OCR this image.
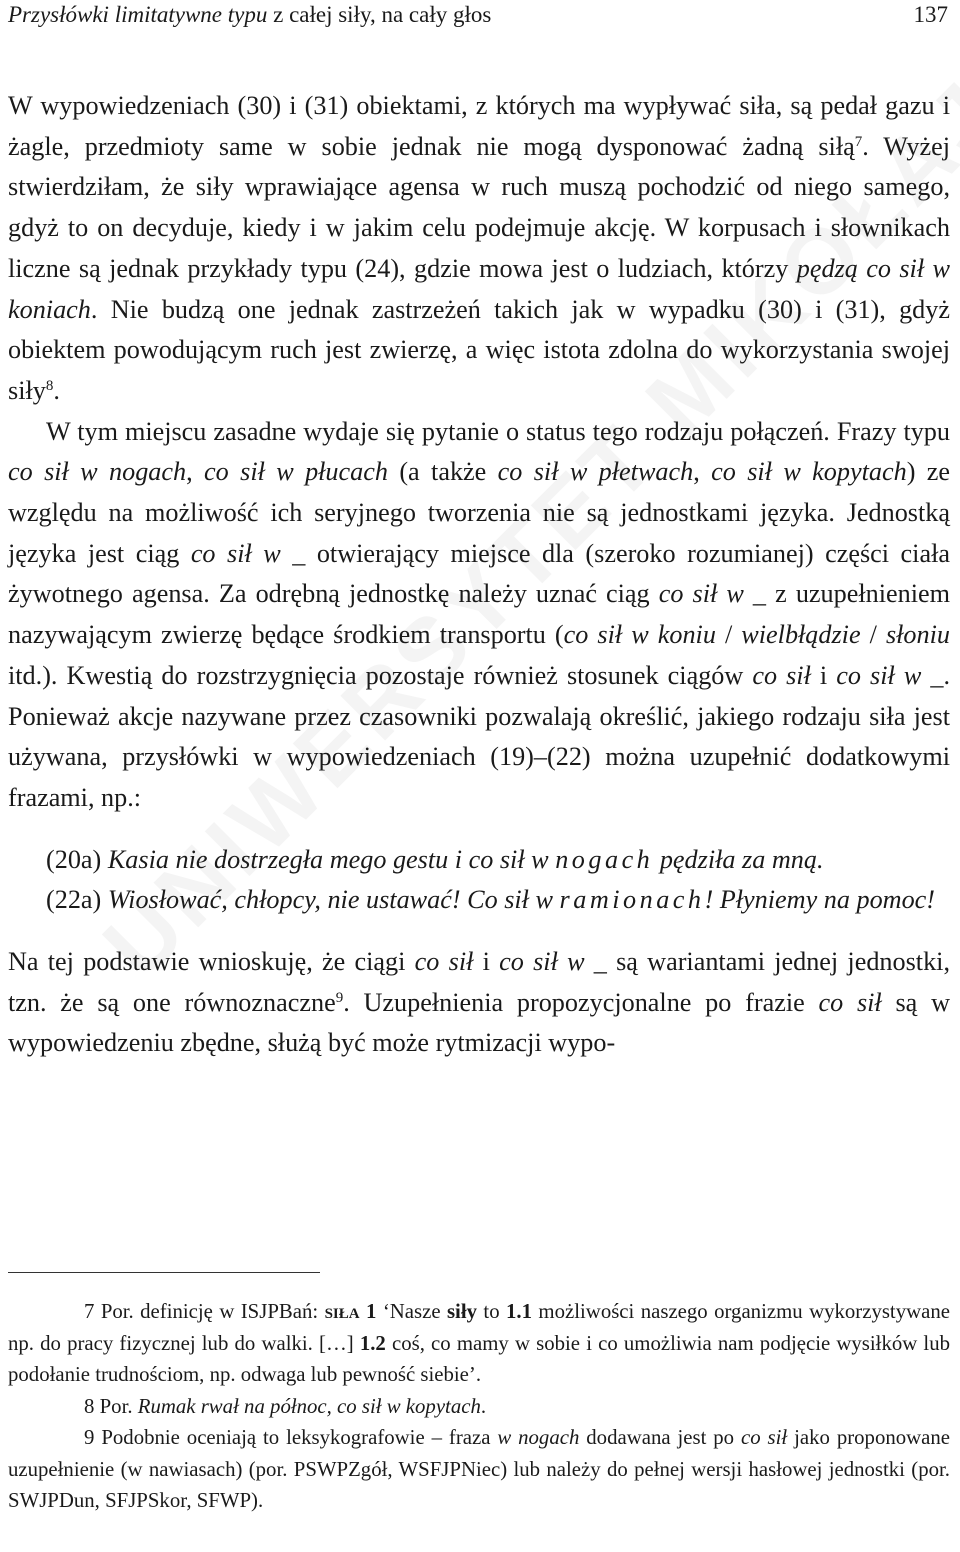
Przysłówki limitatywne typu z całej siły, na cały głos	137

W wypowiedzeniach (30) i (31) obiektami, z których ma wypływać siła, są pedał gazu i żagle, przedmioty same w sobie jednak nie mogą dysponować żadną siłą$^7$. Wyżej stwierdziłam, że siły wprawiające agensa w ruch muszą pochodzić od niego samego, gdyż to on decyduje, kiedy i w jakim celu podejmuje akcję. W korpusach i słownikach liczne są jednak przykłady typu (24), gdzie mowa jest o ludziach, którzy pędzą co sił w koniach. Nie budzą one jednak zastrzeżeń takich jak w wypadku (30) i (31), gdyż obiektem powodującym ruch jest zwierzę, a więc istota zdolna do wykorzystania swojej siły$^8$.

W tym miejscu zasadne wydaje się pytanie o status tego rodzaju połączeń. Frazy typu co sił w nogach, co sił w płucach (a także co sił w płetwach, co sił w kopytach) ze względu na możliwość ich seryjnego tworzenia nie są jednostkami języka. Jednostką języka jest ciąg co sił w _ otwierający miejsce dla (szeroko rozumianej) części ciała żywotnego agensa. Za odrębną jednostkę należy uznać ciąg co sił w _ z uzupełnieniem nazywającym zwierzę będące środkiem transportu (co sił w koniu / wielbłądzie / słoniu itd.). Kwestią do rozstrzygnięcia pozostaje również stosunek ciągów co sił i co sił w _. Ponieważ akcje nazywane przez czasowniki pozwalają określić, jakiego rodzaju siła jest używana, przysłówki w wypowiedzeniach (19)–(22) można uzupełnić dodatkowymi frazami, np.:

(20a) Kasia nie dostrzegła mego gestu i co sił w nogach pędziła za mną.

(22a) Wiosłować, chłopcy, nie ustawać! Co sił w ramionach! Płyniemy na pomoc!

Na tej podstawie wnioskuję, że ciągi co sił i co sił w _ są wariantami jednej jednostki, tzn. że są one równoznaczne$^9$. Uzupełnienia propozycjonalne po frazie co sił są w wypowiedzeniu zbędne, służą być może rytmizacji wypo-

7 Por. definicję w ISJPBań: siła 1 ‘Nasze siły to 1.1 możliwości naszego organizmu wykorzystywane np. do pracy fizycznej lub do walki. […] 1.2 coś, co mamy w sobie i co umożliwia nam podjęcie wysiłków lub podołanie trudnościom, np. odwaga lub pewność siebie’.

8 Por. Rumak rwał na północ, co sił w kopytach.

9 Podobnie oceniają to leksykografowie – fraza w nogach dodawana jest po co sił jako proponowane uzupełnienie (w nawiasach) (por. PSWPZgół, WSFJPNiec) lub należy do pełnej wersji hasłowej jednostki (por. SWJPDun, SFJPSkor, SFWP).
